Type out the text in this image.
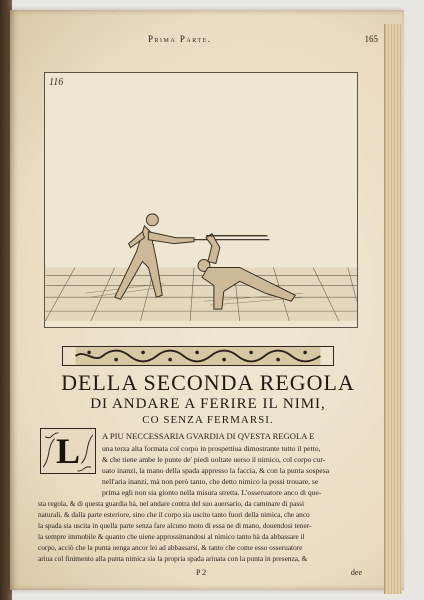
Prima Parte.	165
116
DELLA SECONDA REGOLA
DI ANDARE A FERIRE IL NIMI,
CO SENZA FERMARSI.
L	A PIU NECCESSARIA GVARDIA DI QVESTA REGOLA E
una terza alta formata col corpo in prospettiua dimostrante tutto il petto,
& che tiene ambe le punte de' piedi uoltate uerso il nimico, col corpo cur-
uato inanzi, la mano della spada appresso la faccia, & con la punta sospesa
nell'aria inanzi, mà non però tanto, che detto nimico la possi trouare, se
prima egli non sia gionto nella misura stretta. L'osseruatore anco di que-
sta regola, & di questa guardia hà, nel andare contra del suo auersario, da caminare di passi
naturali, & dalla parte esteriore, sino che il corpo sia uscito tanto fuori della nimica, che anco
la spada sia uscita in quella parte senza fare alcuno moto di essa ne di mano, douendosi tener-
la sempre immobile & quanto che uiene approssimandosi al nimico tanto hà da abbassare il
corpo, acciò che la punta uenga ancor lei ad abbassarsi, & tanto che come esso osseruatore
ariua col finimento alla punta nimica sia la propria spada ariuata con la punta in presenza, &
P 2	dee
